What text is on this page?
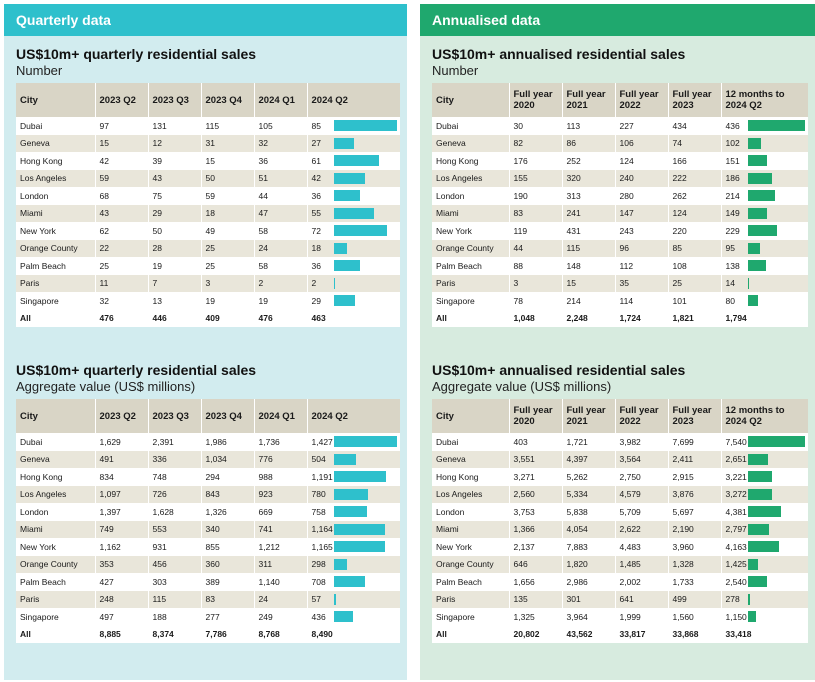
Quarterly data
US$10m+ quarterly residential sales
Number
City	2023 Q2	2023 Q3	2023 Q4	2024 Q1	2024 Q2
Dubai	97	131	115	105	85

Geneva	15	12	31	32	27

Hong Kong	42	39	15	36	61

Los Angeles	59	43	50	51	42

London	68	75	59	44	36

Miami	43	29	18	47	55

New York	62	50	49	58	72

Orange County	22	28	25	24	18

Palm Beach	25	19	25	58	36

Paris	11	7	3	2	2

Singapore	32	13	19	19	29

All	476	446	409	476	463
US$10m+ quarterly residential sales
Aggregate value (US$ millions)
City	2023 Q2	2023 Q3	2023 Q4	2024 Q1	2024 Q2
Dubai	1,629	2,391	1,986	1,736	1,427

Geneva	491	336	1,034	776	504

Hong Kong	834	748	294	988	1,191

Los Angeles	1,097	726	843	923	780

London	1,397	1,628	1,326	669	758

Miami	749	553	340	741	1,164

New York	1,162	931	855	1,212	1,165

Orange County	353	456	360	311	298

Palm Beach	427	303	389	1,140	708

Paris	248	115	83	24	57

Singapore	497	188	277	249	436

All	8,885	8,374	7,786	8,768	8,490
Annualised data
US$10m+ annualised residential sales
Number
City	Full year 2020	Full year 2021	Full year 2022	Full year 2023	12 months to 2024 Q2
Dubai	30	113	227	434	436

Geneva	82	86	106	74	102

Hong Kong	176	252	124	166	151

Los Angeles	155	320	240	222	186

London	190	313	280	262	214

Miami	83	241	147	124	149

New York	119	431	243	220	229

Orange County	44	115	96	85	95

Palm Beach	88	148	112	108	138

Paris	3	15	35	25	14

Singapore	78	214	114	101	80

All	1,048	2,248	1,724	1,821	1,794
US$10m+ annualised residential sales
Aggregate value (US$ millions)
City	Full year 2020	Full year 2021	Full year 2022	Full year 2023	12 months to 2024 Q2
Dubai	403	1,721	3,982	7,699	7,540

Geneva	3,551	4,397	3,564	2,411	2,651

Hong Kong	3,271	5,262	2,750	2,915	3,221

Los Angeles	2,560	5,334	4,579	3,876	3,272

London	3,753	5,838	5,709	5,697	4,381

Miami	1,366	4,054	2,622	2,190	2,797

New York	2,137	7,883	4,483	3,960	4,163

Orange County	646	1,820	1,485	1,328	1,425

Palm Beach	1,656	2,986	2,002	1,733	2,540

Paris	135	301	641	499	278

Singapore	1,325	3,964	1,999	1,560	1,150

All	20,802	43,562	33,817	33,868	33,418
